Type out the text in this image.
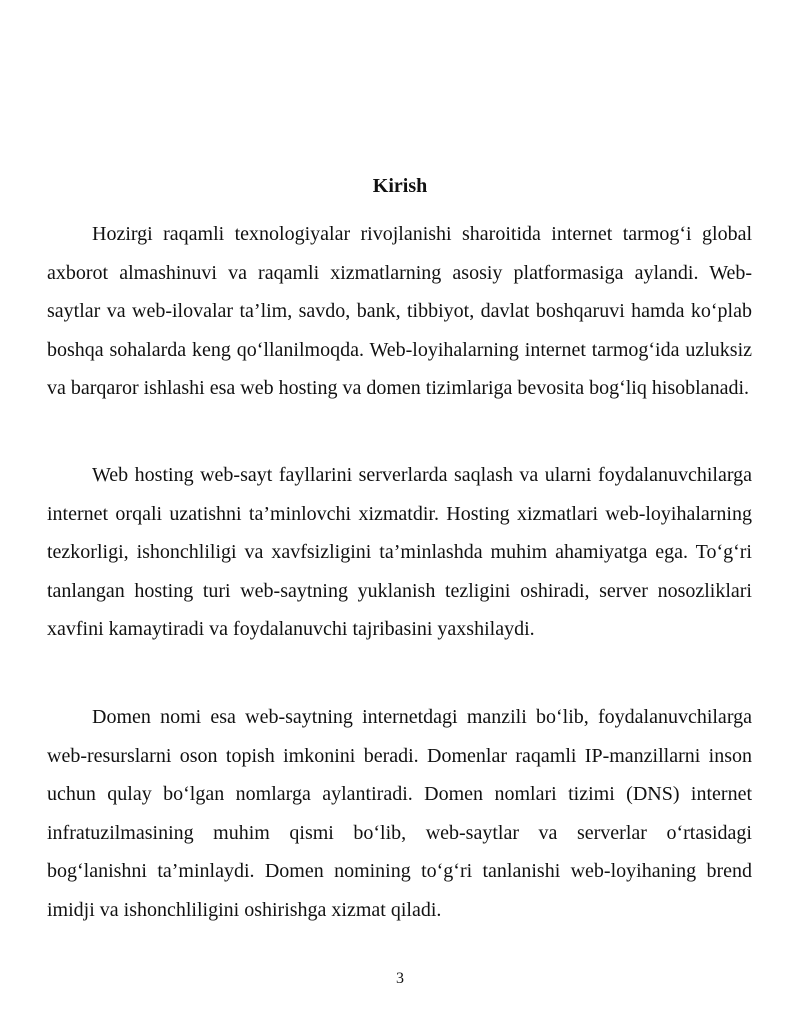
Kirish

Hozirgi raqamli texnologiyalar rivojlanishi sharoitida internet tarmog‘i global axborot almashinuvi va raqamli xizmatlarning asosiy platformasiga aylandi. Web-saytlar va web-ilovalar ta’lim, savdo, bank, tibbiyot, davlat boshqaruvi hamda ko‘plab boshqa sohalarda keng qo‘llanilmoqda. Web-loyihalarning internet tarmog‘ida uzluksiz va barqaror ishlashi esa web hosting va domen tizimlariga bevosita bog‘liq hisoblanadi.

Web hosting web-sayt fayllarini serverlarda saqlash va ularni foydalanuvchilarga internet orqali uzatishni ta’minlovchi xizmatdir. Hosting xizmatlari web-loyihalarning tezkorligi, ishonchliligi va xavfsizligini ta’minlashda muhim ahamiyatga ega. To‘g‘ri tanlangan hosting turi web-saytning yuklanish tezligini oshiradi, server nosozliklari xavfini kamaytiradi va foydalanuvchi tajribasini yaxshilaydi.

Domen nomi esa web-saytning internetdagi manzili bo‘lib, foydalanuvchilarga web-resurslarni oson topish imkonini beradi. Domenlar raqamli IP-manzillarni inson uchun qulay bo‘lgan nomlarga aylantiradi. Domen nomlari tizimi (DNS) internet infratuzilmasining muhim qismi bo‘lib, web-saytlar va serverlar o‘rtasidagi bog‘lanishni ta’minlaydi. Domen nomining to‘g‘ri tanlanishi web-loyihaning brend imidji va ishonchliligini oshirishga xizmat qiladi.

3
